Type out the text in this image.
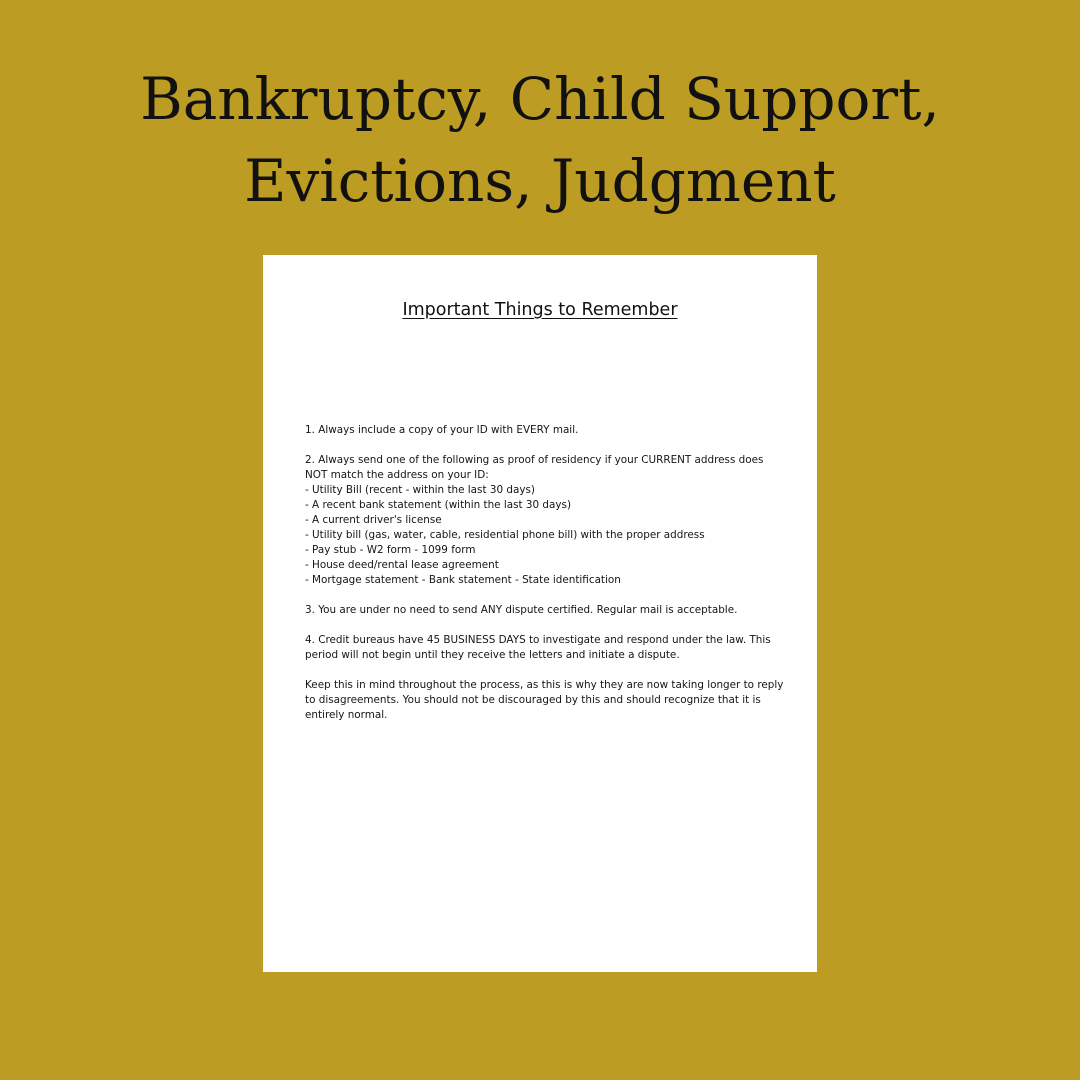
Bankruptcy, Child Support,
Evictions, Judgment
Important Things to Remember

1. Always include a copy of your ID with EVERY mail.

2. Always send one of the following as proof of residency if your CURRENT address does NOT match the address on your ID:
- Utility Bill (recent - within the last 30 days)
- A recent bank statement (within the last 30 days)
- A current driver's license
- Utility bill (gas, water, cable, residential phone bill) with the proper address
- Pay stub - W2 form - 1099 form
- House deed/rental lease agreement
- Mortgage statement - Bank statement - State identification

3. You are under no need to send ANY dispute certified. Regular mail is acceptable.

4. Credit bureaus have 45 BUSINESS DAYS to investigate and respond under the law. This period will not begin until they receive the letters and initiate a dispute.

Keep this in mind throughout the process, as this is why they are now taking longer to reply to disagreements. You should not be discouraged by this and should recognize that it is entirely normal.
